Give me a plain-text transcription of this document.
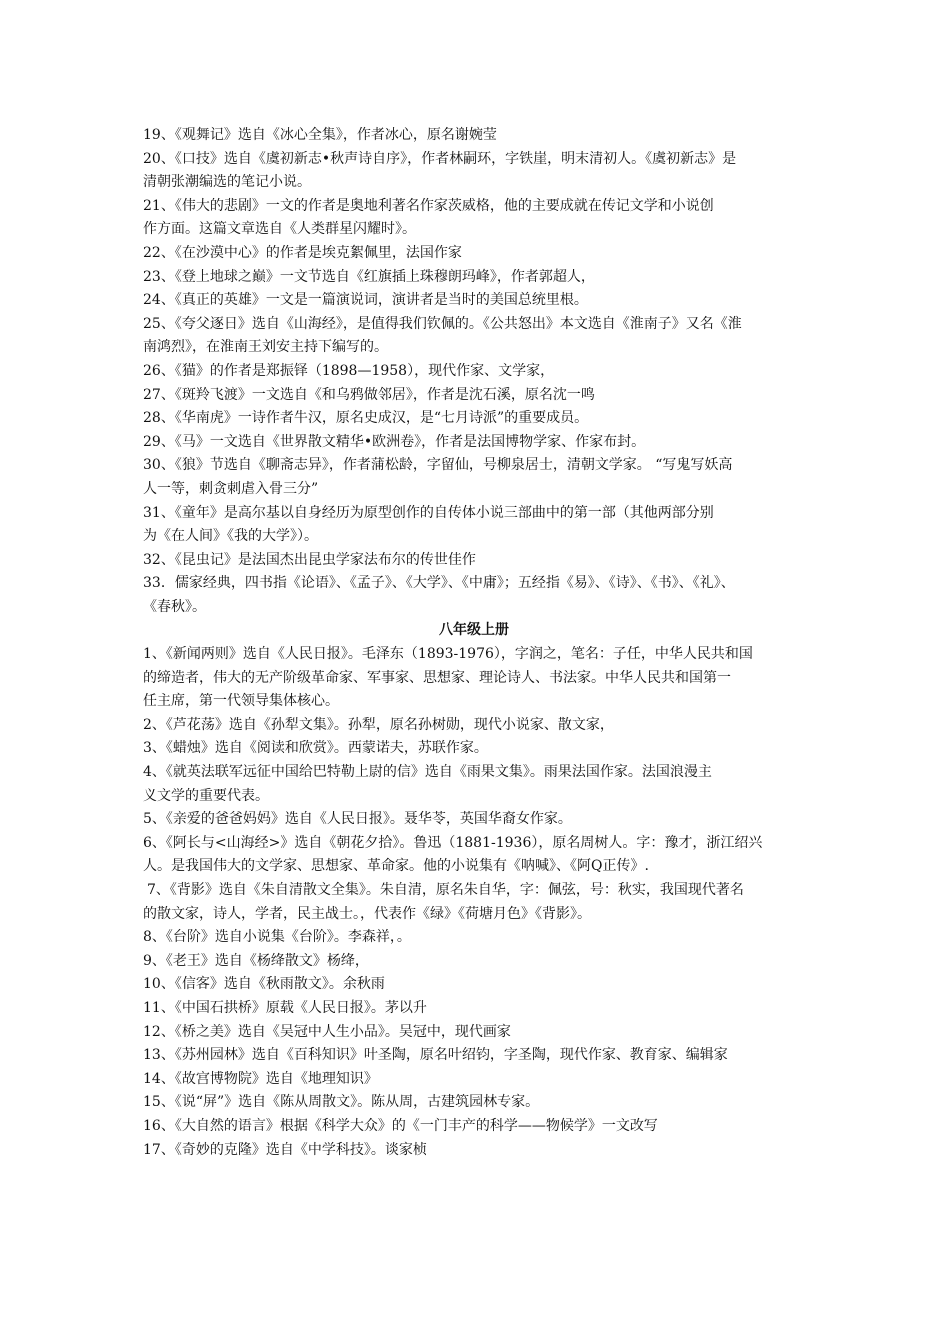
19、《观舞记》选自《冰心全集》，作者冰心，原名谢婉莹
20、《口技》选自《虞初新志•秋声诗自序》，作者林嗣环，字铁崖，明末清初人。《虞初新志》是
清朝张潮编选的笔记小说。
21、《伟大的悲剧》一文的作者是奥地利著名作家茨威格，他的主要成就在传记文学和小说创
作方面。这篇文章选自《人类群星闪耀时》。
22、《在沙漠中心》的作者是埃克絮佩里，法国作家
23、《登上地球之巅》一文节选自《红旗插上珠穆朗玛峰》，作者郭超人，
24、《真正的英雄》一文是一篇演说词，演讲者是当时的美国总统里根。
25、《夸父逐日》选自《山海经》，是值得我们钦佩的。《公共怒出》本文选自《淮南子》又名《淮
南鸿烈》，在淮南王刘安主持下编写的。
26、《猫》的作者是郑振铎（1898—1958），现代作家、文学家，
27、《斑羚飞渡》一文选自《和乌鸦做邻居》，作者是沈石溪，原名沈一鸣
28、《华南虎》一诗作者牛汉，原名史成汉，是“七月诗派”的重要成员。
29、《马》一文选自《世界散文精华•欧洲卷》，作者是法国博物学家、作家布封。
30、《狼》节选自《聊斋志异》，作者蒲松龄，字留仙，号柳泉居士，清朝文学家。 “写鬼写妖高
人一等，刺贪刺虐入骨三分”
31、《童年》是高尔基以自身经历为原型创作的自传体小说三部曲中的第一部（其他两部分别
为《在人间》《我的大学》）。
32、《昆虫记》是法国杰出昆虫学家法布尔的传世佳作
33．儒家经典，四书指《论语》、《孟子》、《大学》、《中庸》；五经指《易》、《诗》、《书》、《礼》、
《春秋》。
八年级上册
1、《新闻两则》选自《人民日报》。毛泽东（1893-1976），字润之，笔名：子任，中华人民共和国
的缔造者，伟大的无产阶级革命家、军事家、思想家、理论诗人、书法家。中华人民共和国第一
任主席，第一代领导集体核心。
2、《芦花荡》选自《孙犁文集》。孙犁，原名孙树勋，现代小说家、散文家，
3、《蜡烛》选自《阅读和欣赏》。西蒙诺夫，苏联作家。
4、《就英法联军远征中国给巴特勒上尉的信》选自《雨果文集》。雨果法国作家。法国浪漫主
义文学的重要代表。
5、《亲爱的爸爸妈妈》选自《人民日报》。聂华苓，英国华裔女作家。
6、《阿长与<山海经>》选自《朝花夕拾》。鲁迅（1881-1936），原名周树人。字：豫才，浙江绍兴
人。是我国伟大的文学家、思想家、革命家。他的小说集有《呐喊》、《阿Q正传》.
7、《背影》选自《朱自清散文全集》。朱自清，原名朱自华，字：佩弦，号：秋实，我国现代著名
的散文家，诗人，学者，民主战士。，代表作《绿》《荷塘月色》《背影》。
8、《台阶》选自小说集《台阶》。李森祥，。
9、《老王》选自《杨绛散文》杨绛，
10、《信客》选自《秋雨散文》。余秋雨
11、《中国石拱桥》原载《人民日报》。茅以升
12、《桥之美》选自《吴冠中人生小品》。吴冠中，现代画家
13、《苏州园林》选自《百科知识》叶圣陶，原名叶绍钧，字圣陶，现代作家、教育家、编辑家
14、《故宫博物院》选自《地理知识》
15、《说“屏”》选自《陈从周散文》。陈从周，古建筑园林专家。
16、《大自然的语言》根据《科学大众》的《一门丰产的科学——物候学》一文改写
17、《奇妙的克隆》选自《中学科技》。谈家桢
